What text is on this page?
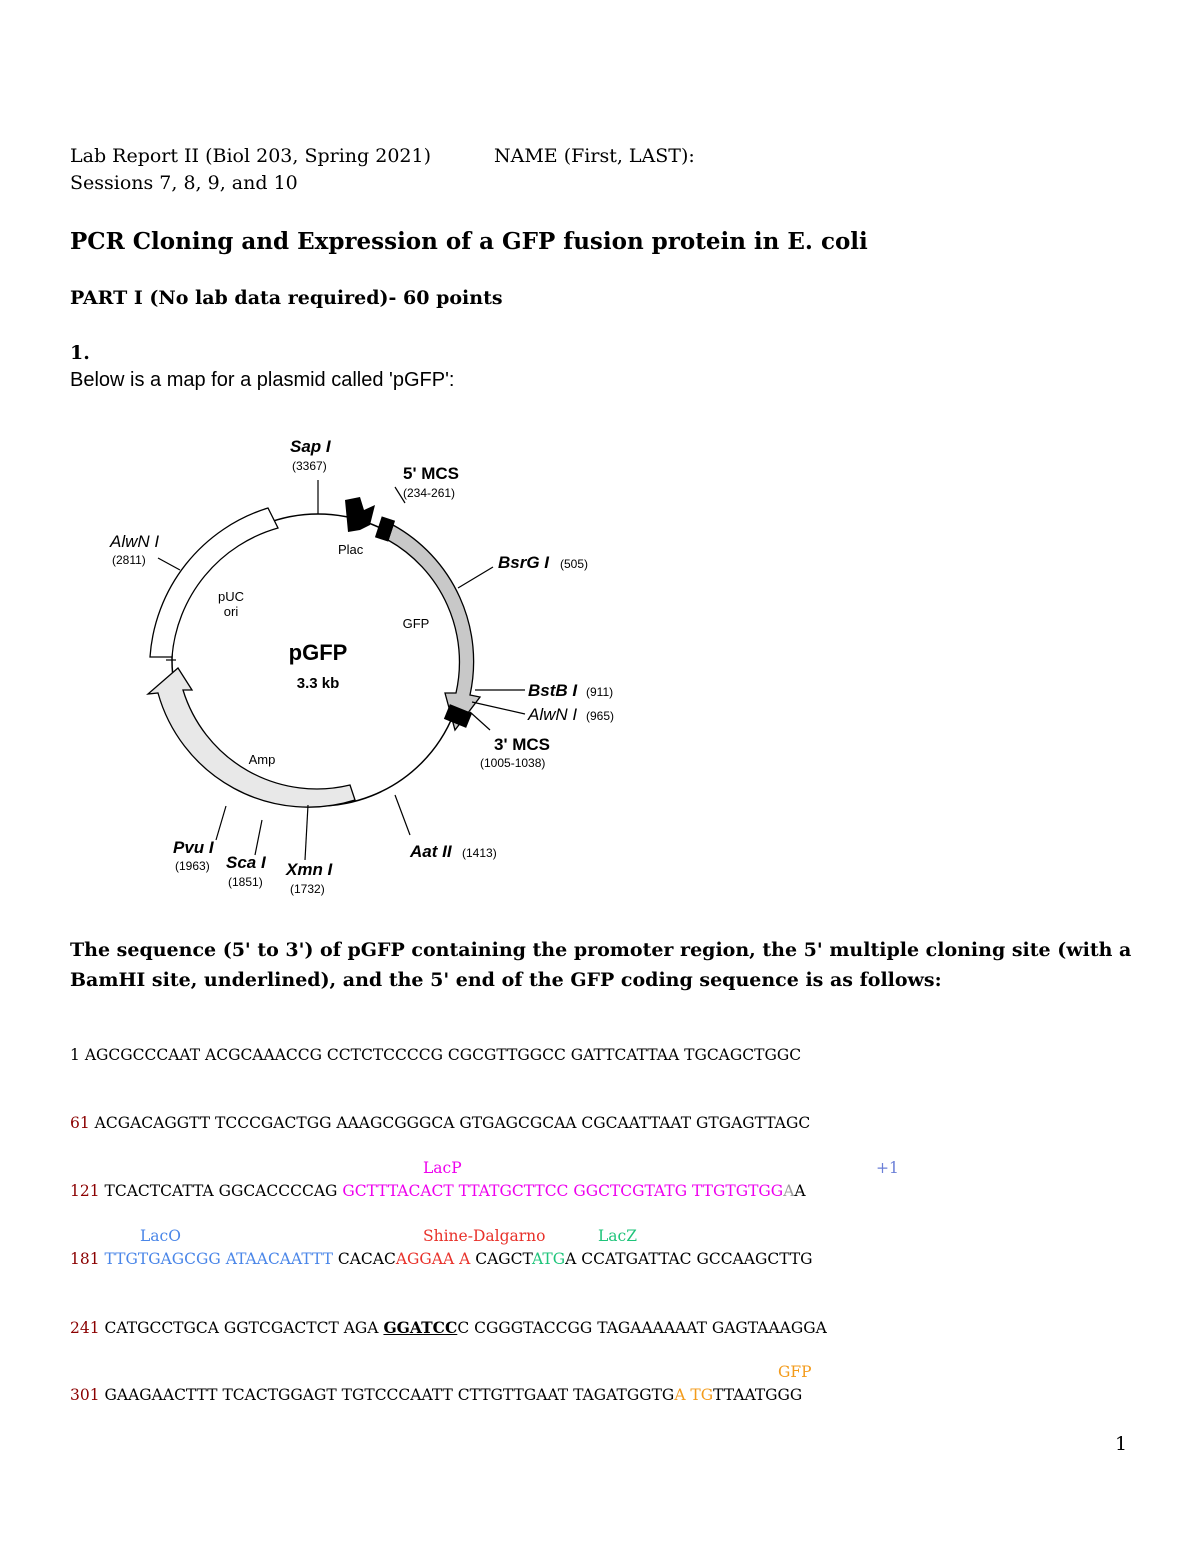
Lab Report II (Biol 203, Spring 2021)	NAME (First, LAST):
Sessions 7, 8, 9, and 10
PCR Cloning and Expression of a GFP fusion protein in E. coli
PART I (No lab data required)- 60 points
1.
Below is a map for a plasmid called 'pGFP':
pGFP
3.3 kb
pUC
ori
GFP
Amp
Plac
Sap I
(3367)	5' MCS
(234-261)
BsrG I (505)
BstB I (911)
AlwN I (965)
3' MCS
(1005-1038)
Aat II (1413)
Xmn I
(1732)
Sca I
(1851)
Pvu I
(1963)
AlwN I
(2811)
The sequence (5' to 3') of pGFP containing the promoter region, the 5' multiple cloning site (with a BamHI site, underlined), and the 5' end of the GFP coding sequence is as follows:
1 AGCGCCCAAT ACGCAAACCG CCTCTCCCCG CGCGTTGGCC GATTCATTAA TGCAGCTGGC
61 ACGACAGGTT TCCCGACTGG AAAGCGGGCA GTGAGCGCAA CGCAATTAAT GTGAGTTAGC
LacP	+1
121 TCACTCATTA GGCACCCCAG GCTTTACACT TTATGCTTCC GGCTCGTATG TTGTGTGGAA
LacO	Shine-Dalgarno	LacZ
181 TTGTGAGCGG ATAACAATTT CACACAGGAA A CAGCTATGA CCATGATTAC GCCAAGCTTG
241 CATGCCTGCA GGTCGACTCT AGA GGATCCC CGGGTACCGG TAGAAAAAAT GAGTAAAGGA
GFP
301 GAAGAACTTT TCACTGGAGT TGTCCCAATT CTTGTTGAAT TAGATGGTGA TGTTAATGGG
1
